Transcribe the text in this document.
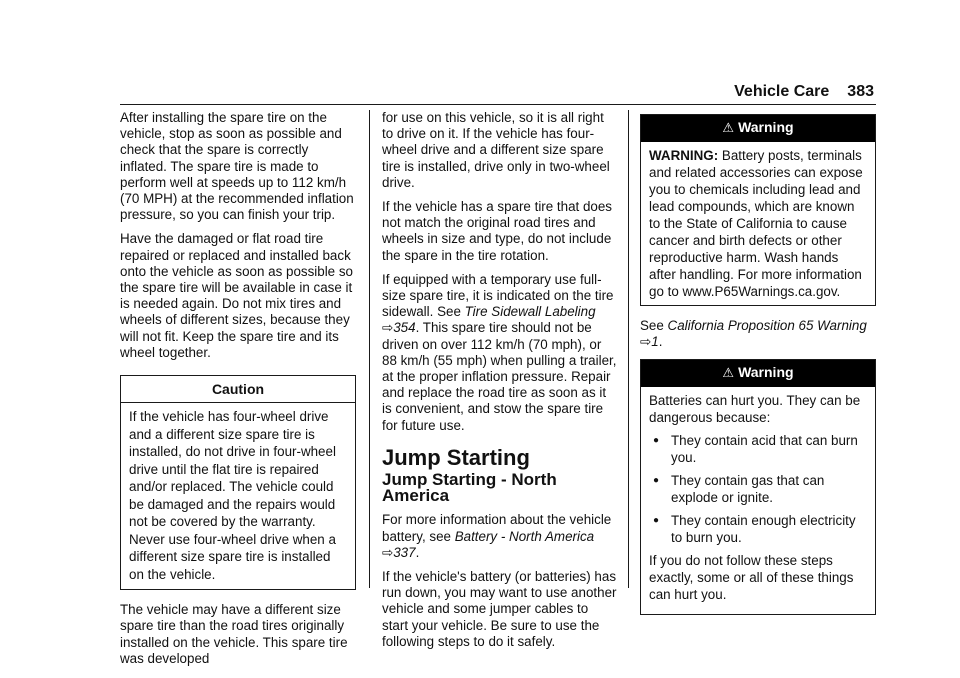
Vehicle Care 383

After installing the spare tire on the vehicle, stop as soon as possible and check that the spare is correctly inflated. The spare tire is made to perform well at speeds up to 112 km/h (70 MPH) at the recommended inflation pressure, so you can finish your trip.

Have the damaged or flat road tire repaired or replaced and installed back onto the vehicle as soon as possible so the spare tire will be available in case it is needed again. Do not mix tires and wheels of different sizes, because they will not fit. Keep the spare tire and its wheel together.

Caution
If the vehicle has four-wheel drive and a different size spare tire is installed, do not drive in four-wheel drive until the flat tire is repaired and/or replaced. The vehicle could be damaged and the repairs would not be covered by the warranty. Never use four-wheel drive when a different size spare tire is installed on the vehicle.

The vehicle may have a different size spare tire than the road tires originally installed on the vehicle. This spare tire was developed

for use on this vehicle, so it is all right to drive on it. If the vehicle has four-wheel drive and a different size spare tire is installed, drive only in two-wheel drive.

If the vehicle has a spare tire that does not match the original road tires and wheels in size and type, do not include the spare in the tire rotation.

If equipped with a temporary use full-size spare tire, it is indicated on the tire sidewall. See Tire Sidewall Labeling ⇨354. This spare tire should not be driven on over 112 km/h (70 mph), or 88 km/h (55 mph) when pulling a trailer, at the proper inflation pressure. Repair and replace the road tire as soon as it is convenient, and stow the spare tire for future use.

Jump Starting
Jump Starting - North America

For more information about the vehicle battery, see Battery - North America ⇨337.

If the vehicle's battery (or batteries) has run down, you may want to use another vehicle and some jumper cables to start your vehicle. Be sure to use the following steps to do it safely.

⚠ Warning
WARNING: Battery posts, terminals and related accessories can expose you to chemicals including lead and lead compounds, which are known to the State of California to cause cancer and birth defects or other reproductive harm. Wash hands after handling. For more information go to www.P65Warnings.ca.gov.

See California Proposition 65 Warning ⇨1.

⚠ Warning

Batteries can hurt you. They can be dangerous because:

● They contain acid that can burn you.
● They contain gas that can explode or ignite.
● They contain enough electricity to burn you.

If you do not follow these steps exactly, some or all of these things can hurt you.
